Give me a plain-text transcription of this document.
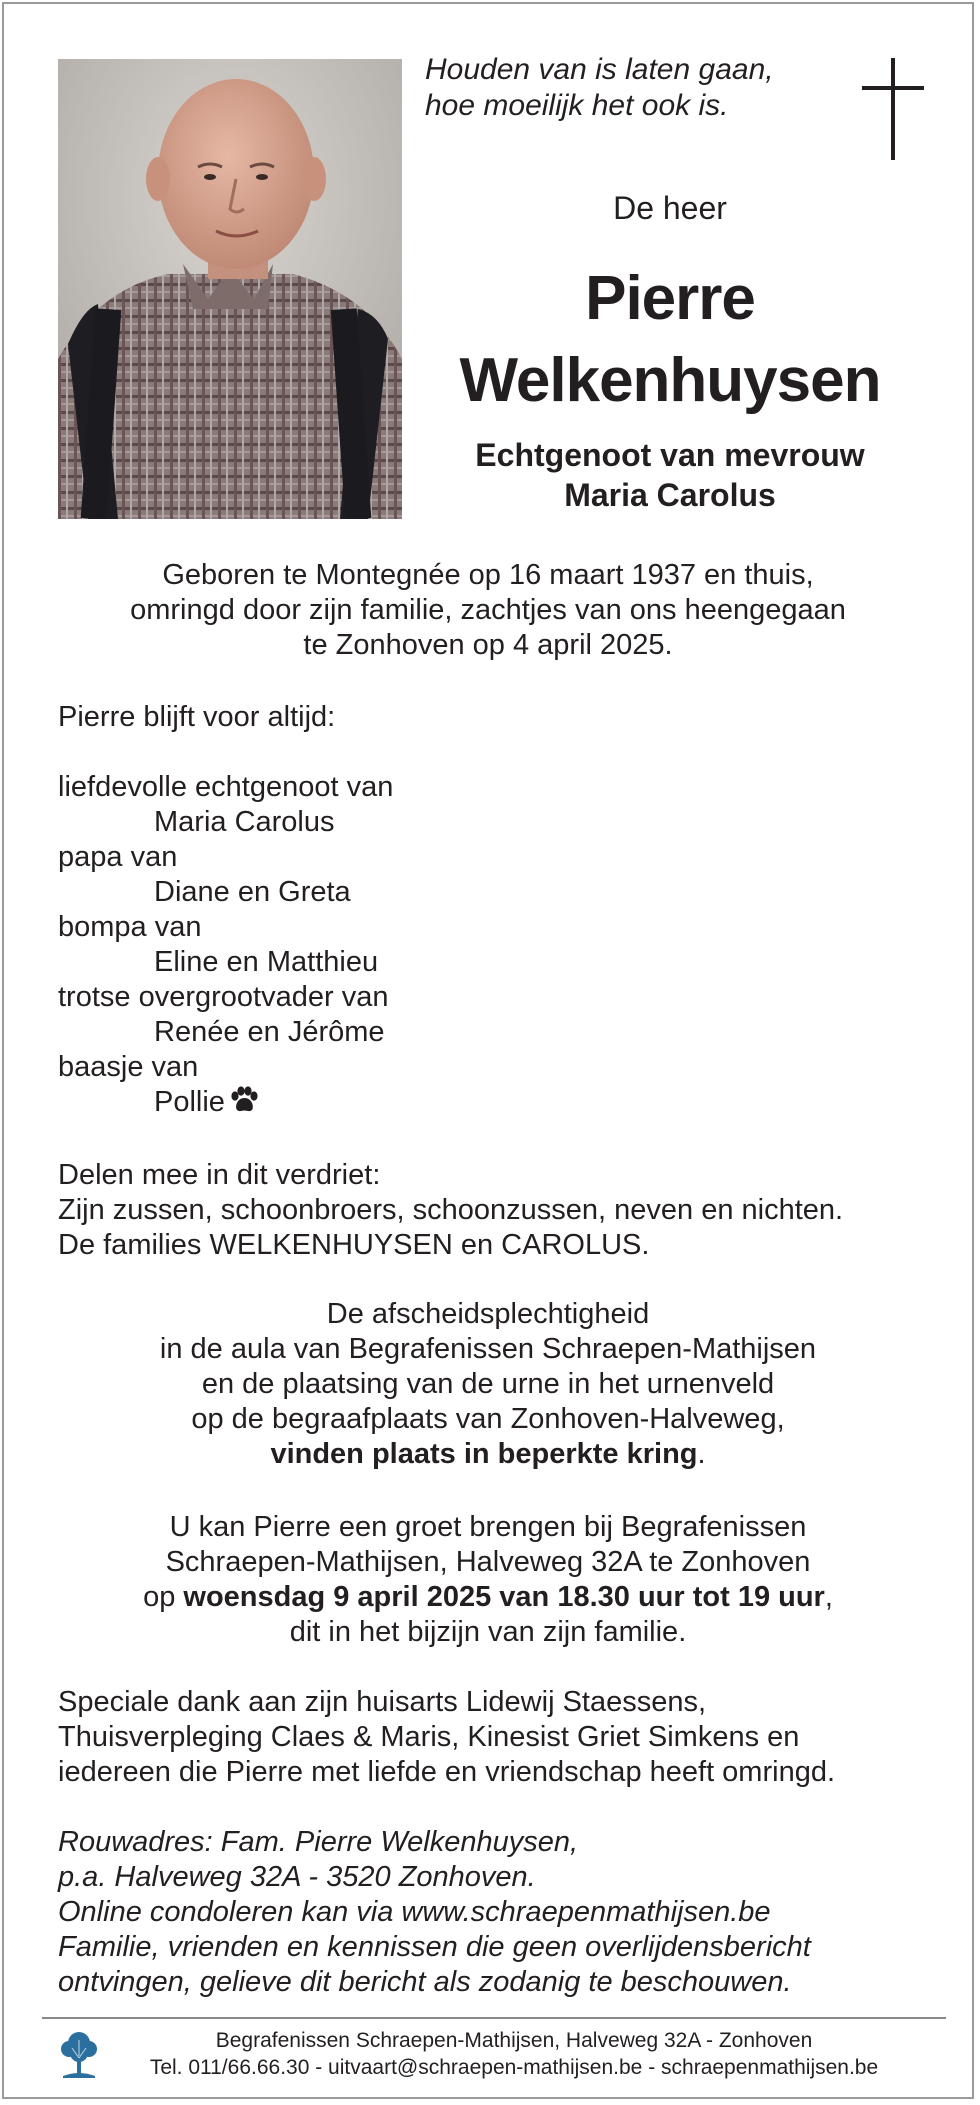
Houden van is laten gaan,
hoe moeilijk het ook is.
De heer
Pierre
Welkenhuysen
Echtgenoot van mevrouw
Maria Carolus
Geboren te Montegnée op 16 maart 1937 en thuis,
omringd door zijn familie, zachtjes van ons heengegaan
te Zonhoven op 4 april 2025.
Pierre blijft voor altijd:
liefdevolle echtgenoot van
Maria Carolus
papa van
Diane en Greta
bompa van
Eline en Matthieu
trotse overgrootvader van
Renée en Jérôme
baasje van
Pollie
Delen mee in dit verdriet:
Zijn zussen, schoonbroers, schoonzussen, neven en nichten.
De families WELKENHUYSEN en CAROLUS.
De afscheidsplechtigheid
in de aula van Begrafenissen Schraepen-Mathijsen
en de plaatsing van de urne in het urnenveld
op de begraafplaats van Zonhoven-Halveweg,
vinden plaats in beperkte kring.
U kan Pierre een groet brengen bij Begrafenissen
Schraepen-Mathijsen, Halveweg 32A te Zonhoven
op woensdag 9 april 2025 van 18.30 uur tot 19 uur,
dit in het bijzijn van zijn familie.
Speciale dank aan zijn huisarts Lidewij Staessens,
Thuisverpleging Claes & Maris, Kinesist Griet Simkens en
iedereen die Pierre met liefde en vriendschap heeft omringd.
Rouwadres: Fam. Pierre Welkenhuysen,
p.a. Halveweg 32A - 3520 Zonhoven.
Online condoleren kan via www.schraepenmathijsen.be
Familie, vrienden en kennissen die geen overlijdensbericht
ontvingen, gelieve dit bericht als zodanig te beschouwen.
Begrafenissen Schraepen-Mathijsen, Halveweg 32A - Zonhoven
Tel. 011/66.66.30 - uitvaart@schraepen-mathijsen.be - schraepenmathijsen.be
